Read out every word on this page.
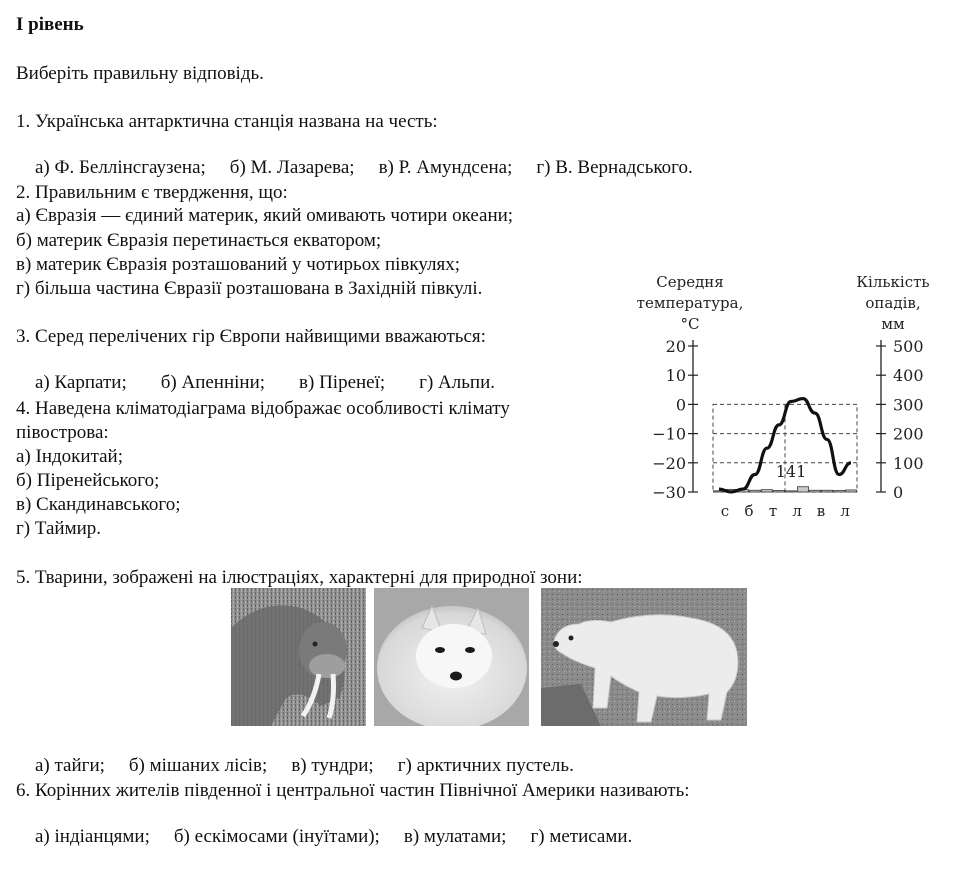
І рівень
Виберіть правильну відповідь.
1. Українська антарктична станція названа на честь:

а) Ф. Беллінсгаузена; б) М. Лазарева; в) Р. Амундсена; г) В. Вернадського.

2. Правильним є твердження, що:
а) Євразія — єдиний материк, який омивають чотири океани;
б) материк Євразія перетинається екватором;
в) материк Євразія розташований у чотирьох півкулях;
г) більша частина Євразії розташована в Західній півкулі.
3. Серед перелічених гір Європи найвищими вважаються:

а) Карпати; б) Апенніни; в) Піренеї; г) Альпи.

4. Наведена кліматодіаграма відображає особливості клімату
півострова:
а) Індокитай;
б) Піренейського;
в) Скандинавського;
г) Таймир.
Середня
температура,
°С
Кількість
опадів,
мм
20
10
0
−10
−20
−30
500
400
300
200
100
0
141
с б т л в л
5. Тварини, зображені на ілюстраціях, характерні для природної зони:

а) тайги; б) мішаних лісів; в) тундри; г) арктичних пустель.

6. Корінних жителів південної і центральної частин Північної Америки називають:

а) індіанцями; б) ескімосами (інуїтами); в) мулатами; г) метисами.
